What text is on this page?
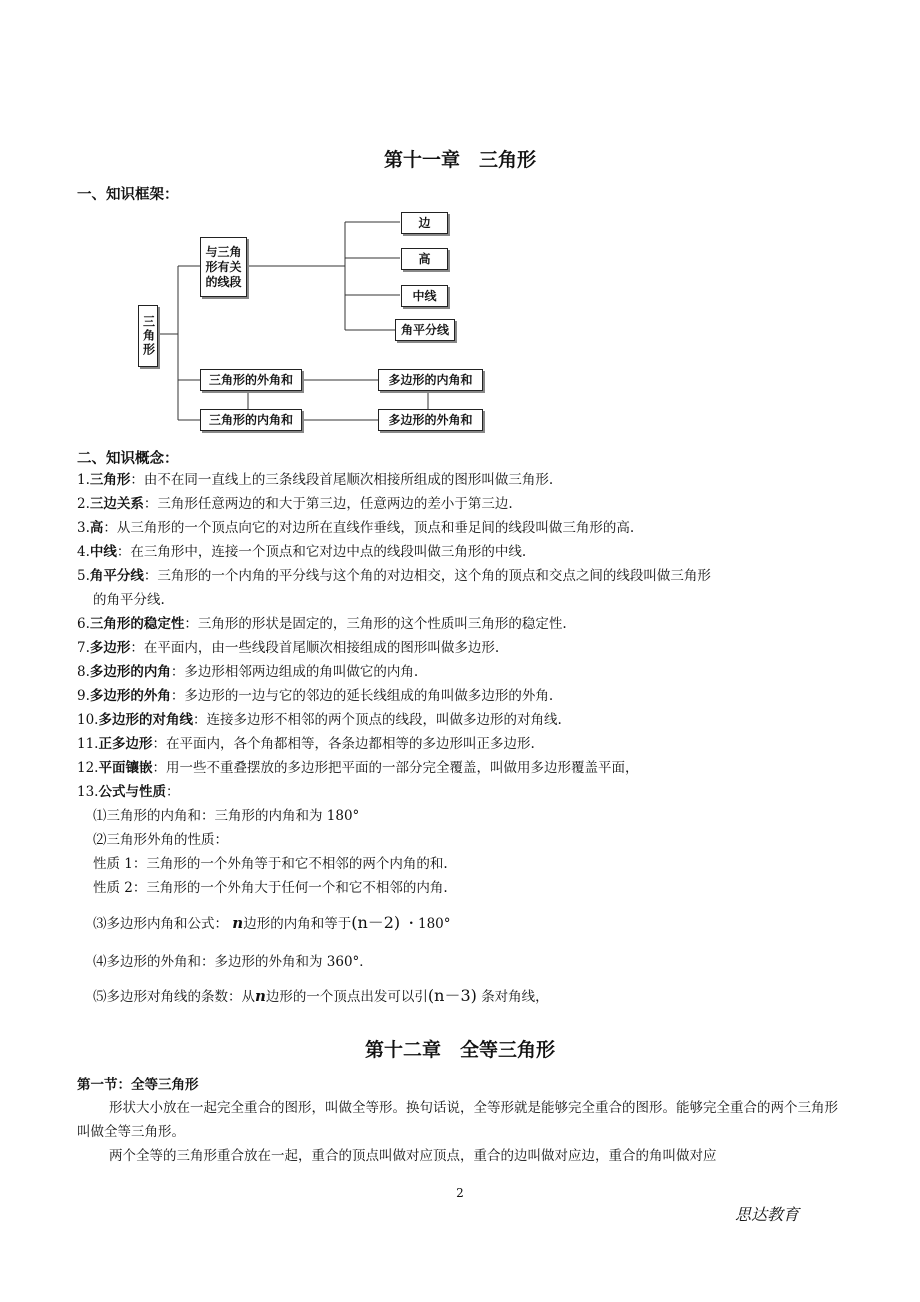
第十一章　三角形
一、知识框架：
三角形
与三角形有关的线段
边
高
中线
角平分线
三角形的外角和
三角形的内角和
多边形的内角和
多边形的外角和
二、知识概念：
1.三角形：由不在同一直线上的三条线段首尾顺次相接所组成的图形叫做三角形.
2.三边关系：三角形任意两边的和大于第三边，任意两边的差小于第三边.
3.高：从三角形的一个顶点向它的对边所在直线作垂线，顶点和垂足间的线段叫做三角形的高.
4.中线：在三角形中，连接一个顶点和它对边中点的线段叫做三角形的中线.
5.角平分线：三角形的一个内角的平分线与这个角的对边相交，这个角的顶点和交点之间的线段叫做三角形
的角平分线.
6.三角形的稳定性：三角形的形状是固定的，三角形的这个性质叫三角形的稳定性.
7.多边形：在平面内，由一些线段首尾顺次相接组成的图形叫做多边形.
8.多边形的内角：多边形相邻两边组成的角叫做它的内角.
9.多边形的外角：多边形的一边与它的邻边的延长线组成的角叫做多边形的外角.
10.多边形的对角线：连接多边形不相邻的两个顶点的线段，叫做多边形的对角线.
11.正多边形：在平面内，各个角都相等，各条边都相等的多边形叫正多边形.
12.平面镶嵌：用一些不重叠摆放的多边形把平面的一部分完全覆盖，叫做用多边形覆盖平面，
13.公式与性质：
⑴三角形的内角和：三角形的内角和为 180°
⑵三角形外角的性质：
性质 1：三角形的一个外角等于和它不相邻的两个内角的和.
性质 2：三角形的一个外角大于任何一个和它不相邻的内角.
⑶多边形内角和公式： n边形的内角和等于(n－2) ・180°
⑷多边形的外角和：多边形的外角和为 360°．
⑸多边形对角线的条数：从n边形的一个顶点出发可以引(n－3) 条对角线，
第十二章　全等三角形
第一节：全等三角形
形状大小放在一起完全重合的图形，叫做全等形。换句话说，全等形就是能够完全重合的图形。能够完全重合的两个三角形叫做全等三角形。
两个全等的三角形重合放在一起，重合的顶点叫做对应顶点，重合的边叫做对应边，重合的角叫做对应
2
思达教育
